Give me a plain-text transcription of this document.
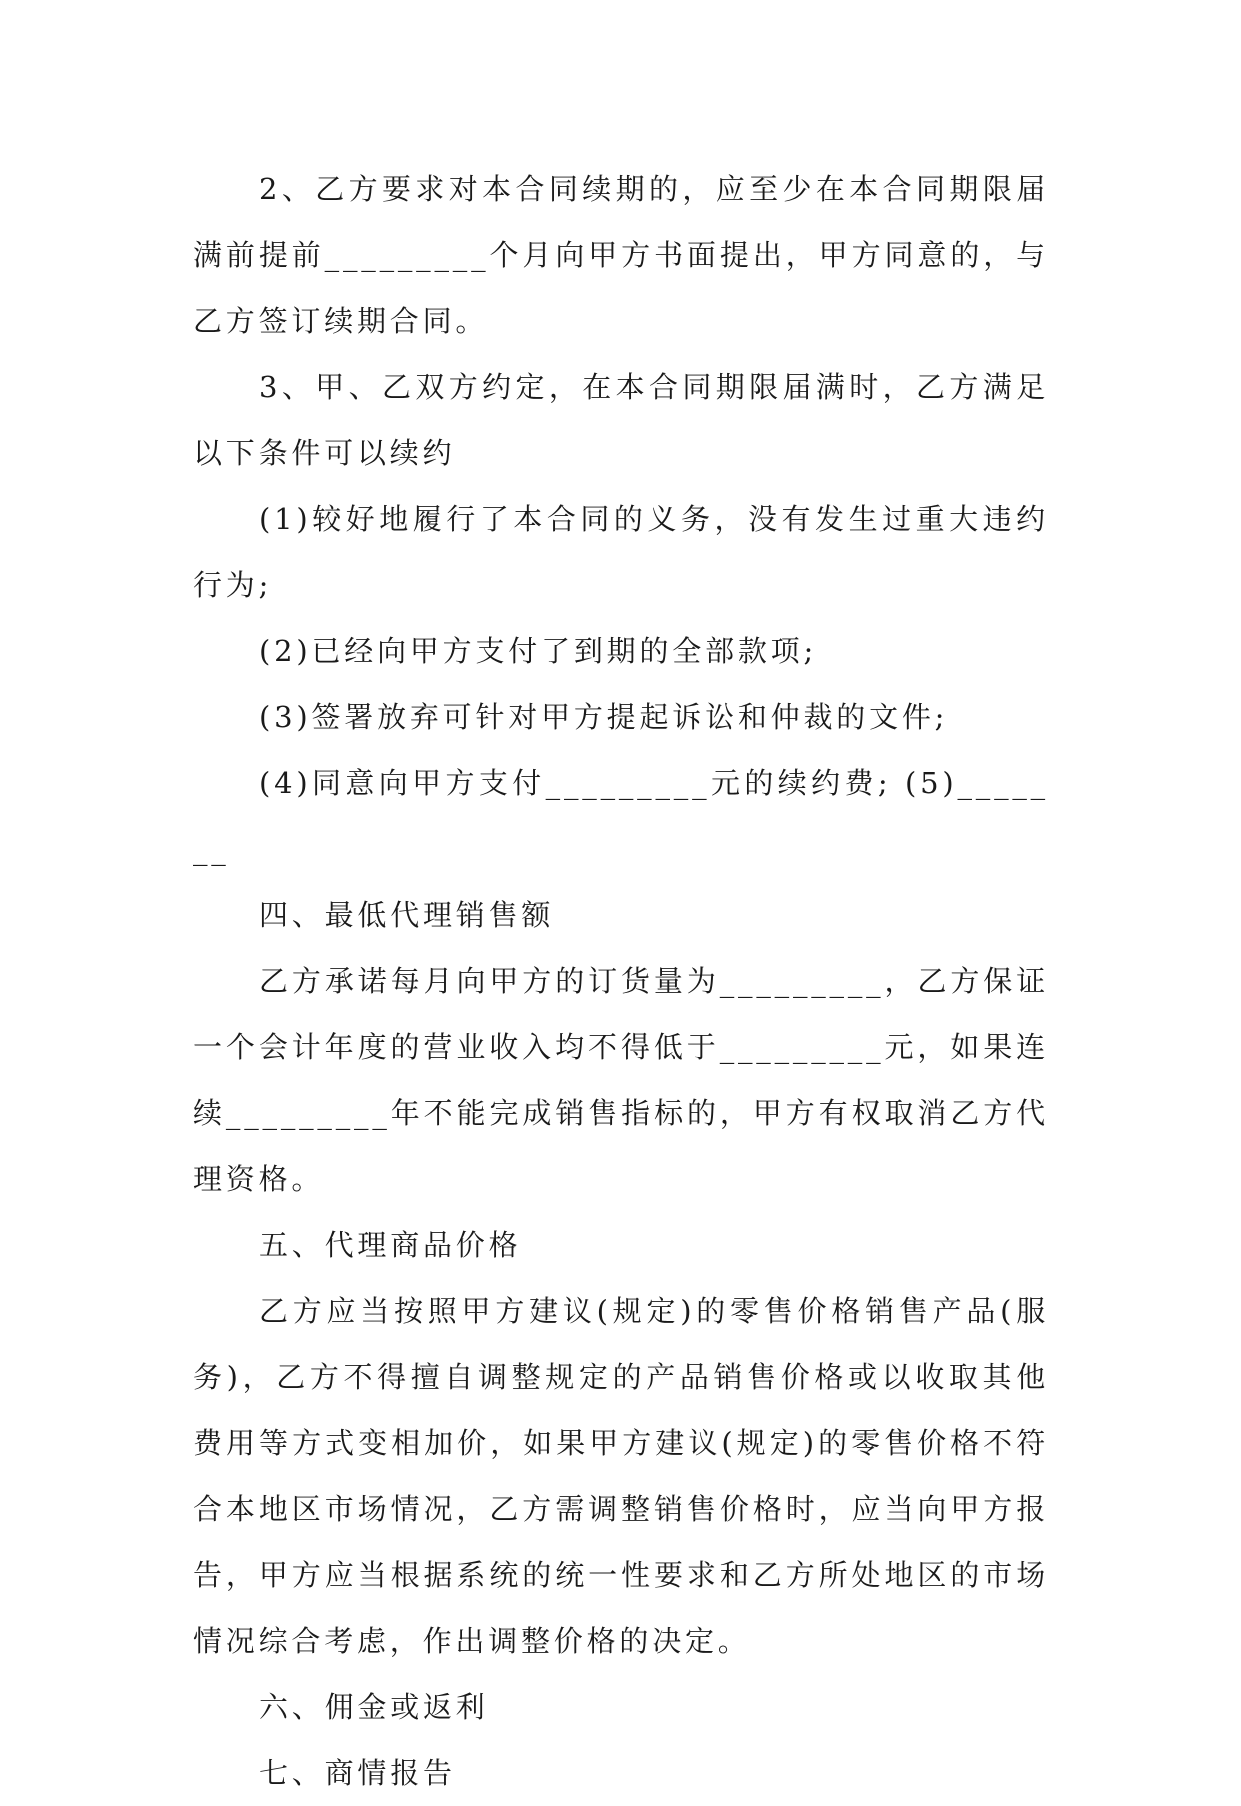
2、乙方要求对本合同续期的，应至少在本合同期限届满前提前_________个月向甲方书面提出，甲方同意的，与乙方签订续期合同。

3、甲、乙双方约定，在本合同期限届满时，乙方满足以下条件可以续约

(1)较好地履行了本合同的义务，没有发生过重大违约行为;

(2)已经向甲方支付了到期的全部款项;

(3)签署放弃可针对甲方提起诉讼和仲裁的文件;

(4)同意向甲方支付_________元的续约费; (5)_______

四、最低代理销售额

乙方承诺每月向甲方的订货量为_________，乙方保证一个会计年度的营业收入均不得低于_________元，如果连续_________年不能完成销售指标的，甲方有权取消乙方代理资格。

五、代理商品价格

乙方应当按照甲方建议(规定)的零售价格销售产品(服务)，乙方不得擅自调整规定的产品销售价格或以收取其他费用等方式变相加价，如果甲方建议(规定)的零售价格不符合本地区市场情况，乙方需调整销售价格时，应当向甲方报告，甲方应当根据系统的统一性要求和乙方所处地区的市场情况综合考虑，作出调整价格的决定。

六、佣金或返利

七、商情报告
